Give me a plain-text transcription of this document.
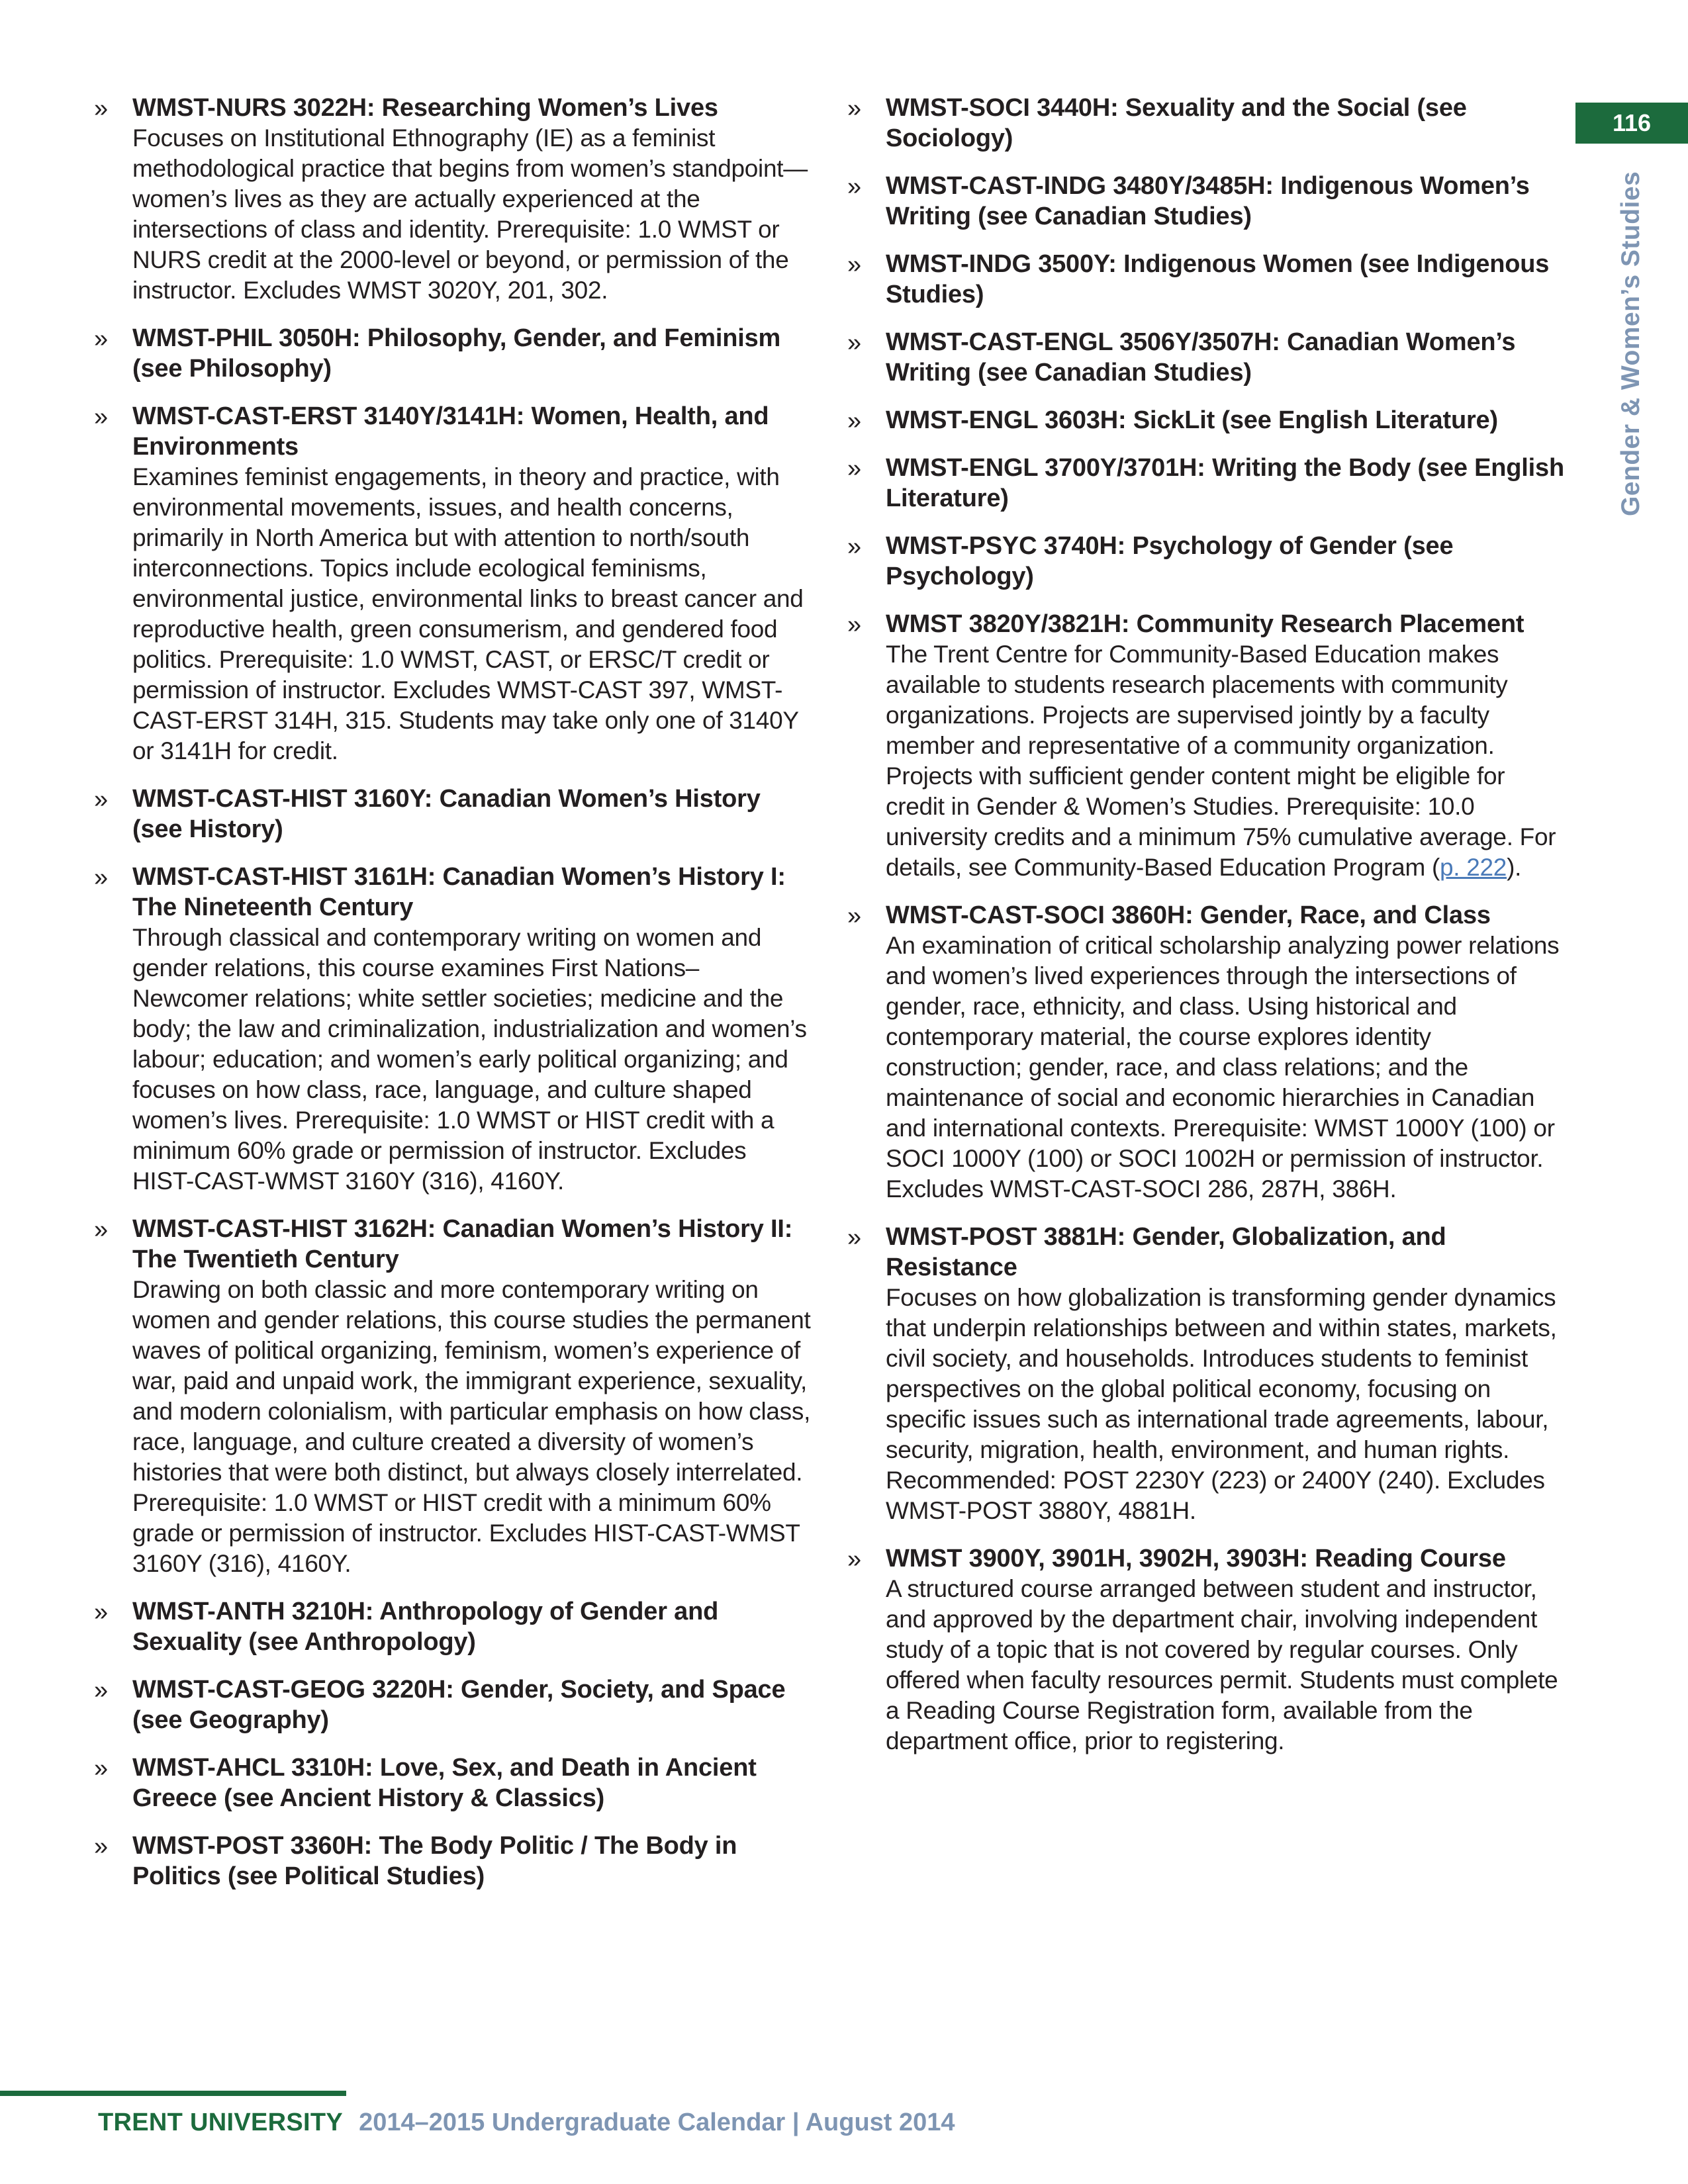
» WMST-NURS 3022H: Researching Women’s Lives

Focuses on Institutional Ethnography (IE) as a feminist methodological practice that begins from women’s standpoint—women’s lives as they are actually experienced at the intersections of class and identity. Prerequisite: 1.0 WMST or NURS credit at the 2000-level or beyond, or permission of the instructor. Excludes WMST 3020Y, 201, 302.

» WMST-PHIL 3050H: Philosophy, Gender, and Feminism (see Philosophy)

» WMST-CAST-ERST 3140Y/3141H: Women, Health, and Environments

Examines feminist engagements, in theory and practice, with environmental movements, issues, and health concerns, primarily in North America but with attention to north/south interconnections. Topics include ecological feminisms, environmental justice, environmental links to breast cancer and reproductive health, green consumerism, and gendered food politics. Prerequisite: 1.0 WMST, CAST, or ERSC/T credit or permission of instructor. Excludes WMST-CAST 397, WMST-CAST-ERST 314H, 315. Students may take only one of 3140Y or 3141H for credit.

» WMST-CAST-HIST 3160Y: Canadian Women’s History (see History)

» WMST-CAST-HIST 3161H: Canadian Women’s History I: The Nineteenth Century

Through classical and contemporary writing on women and gender relations, this course examines First Nations–Newcomer relations; white settler societies; medicine and the body; the law and criminalization, industrialization and women’s labour; education; and women’s early political organizing; and focuses on how class, race, language, and culture shaped women’s lives. Prerequisite: 1.0 WMST or HIST credit with a minimum 60% grade or permission of instructor. Excludes HIST-CAST-WMST 3160Y (316), 4160Y.

» WMST-CAST-HIST 3162H: Canadian Women’s History II: The Twentieth Century

Drawing on both classic and more contemporary writing on women and gender relations, this course studies the permanent waves of political organizing, feminism, women’s experience of war, paid and unpaid work, the immigrant experience, sexuality, and modern colonialism, with particular emphasis on how class, race, language, and culture created a diversity of women’s histories that were both distinct, but always closely interrelated. Prerequisite: 1.0 WMST or HIST credit with a minimum 60% grade or permission of instructor. Excludes HIST-CAST-WMST 3160Y (316), 4160Y.

» WMST-ANTH 3210H: Anthropology of Gender and Sexuality (see Anthropology)

» WMST-CAST-GEOG 3220H: Gender, Society, and Space (see Geography)

» WMST-AHCL 3310H: Love, Sex, and Death in Ancient Greece (see Ancient History & Classics)

» WMST-POST 3360H: The Body Politic / The Body in Politics (see Political Studies)

» WMST-SOCI 3440H: Sexuality and the Social (see Sociology)

» WMST-CAST-INDG 3480Y/3485H: Indigenous Women’s Writing (see Canadian Studies)

» WMST-INDG 3500Y: Indigenous Women (see Indigenous Studies)

» WMST-CAST-ENGL 3506Y/3507H: Canadian Women’s Writing (see Canadian Studies)

» WMST-ENGL 3603H: SickLit (see English Literature)

» WMST-ENGL 3700Y/3701H: Writing the Body (see English Literature)

» WMST-PSYC 3740H: Psychology of Gender (see Psychology)

» WMST 3820Y/3821H: Community Research Placement

The Trent Centre for Community-Based Education makes available to students research placements with community organizations. Projects are supervised jointly by a faculty member and representative of a community organization. Projects with sufficient gender content might be eligible for credit in Gender & Women’s Studies. Prerequisite: 10.0 university credits and a minimum 75% cumulative average. For details, see Community-Based Education Program (p. 222).

» WMST-CAST-SOCI 3860H: Gender, Race, and Class

An examination of critical scholarship analyzing power relations and women’s lived experiences through the intersections of gender, race, ethnicity, and class. Using historical and contemporary material, the course explores identity construction; gender, race, and class relations; and the maintenance of social and economic hierarchies in Canadian and international contexts. Prerequisite: WMST 1000Y (100) or SOCI 1000Y (100) or SOCI 1002H or permission of instructor. Excludes WMST-CAST-SOCI 286, 287H, 386H.

» WMST-POST 3881H: Gender, Globalization, and Resistance

Focuses on how globalization is transforming gender dynamics that underpin relationships between and within states, markets, civil society, and households. Introduces students to feminist perspectives on the global political economy, focusing on specific issues such as international trade agreements, labour, security, migration, health, environment, and human rights. Recommended: POST 2230Y (223) or 2400Y (240). Excludes WMST-POST 3880Y, 4881H.

» WMST 3900Y, 3901H, 3902H, 3903H: Reading Course

A structured course arranged between student and instructor, and approved by the department chair, involving independent study of a topic that is not covered by regular courses. Only offered when faculty resources permit. Students must complete a Reading Course Registration form, available from the department office, prior to registering.

116
Gender & Women’s Studies
TRENT UNIVERSITY 2014–2015 Undergraduate Calendar | August 2014
